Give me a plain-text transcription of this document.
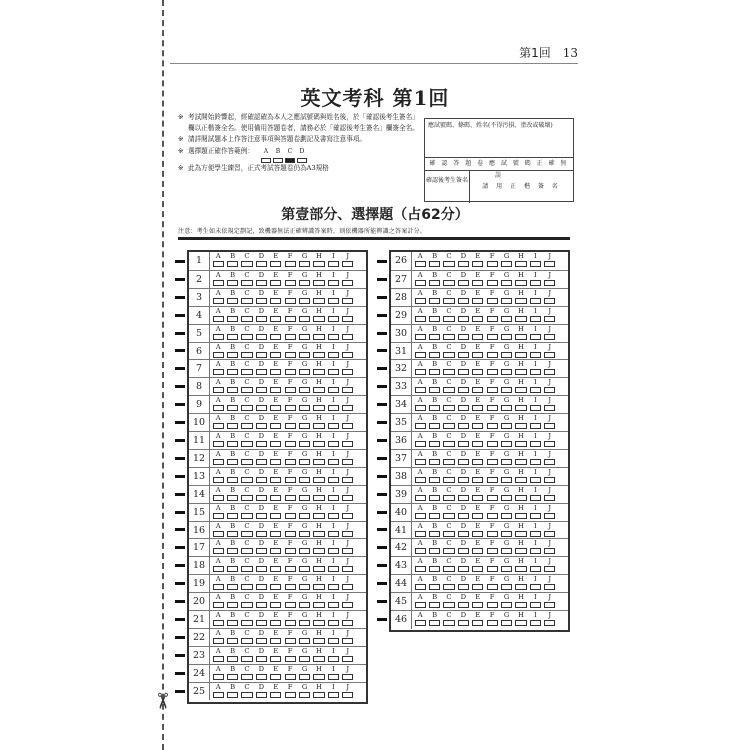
✂
第1回 13
英文考科 第1回
※ 考試開始鈴響起，經確認確為本人之應試號碼與姓名後，於「確認後考生簽名」欄以正楷簽全名。使用備用答題卷者，請務必於「確認後考生簽名」欄簽全名。
※ 請詳閱試題本上作答注意事項與答題卷劃記及書寫注意事項。
※ 選擇題正確作答範例： A B C D
※ 此為方便學生練習，正式考試答題卷仍為A3規格
應試號碼、條碼、姓名(不得污損、塗改或破壞)
確 認 答 題 卷 應 試 號 碼 正 確 無 誤
確認後考生簽名
請 用 正 楷 簽 名
第壹部分、選擇題（占62分）
注意：考生如未依規定劃記，致機器無法正確辨識答案時，則依機器所能辨識之答案計分。
1	A	B	C	D	E	F	G	H	I	J
2	A	B	C	D	E	F	G	H	I	J
3	A	B	C	D	E	F	G	H	I	J
4	A	B	C	D	E	F	G	H	I	J
5	A	B	C	D	E	F	G	H	I	J
6	A	B	C	D	E	F	G	H	I	J
7	A	B	C	D	E	F	G	H	I	J
8	A	B	C	D	E	F	G	H	I	J
9	A	B	C	D	E	F	G	H	I	J
10	A	B	C	D	E	F	G	H	I	J
11	A	B	C	D	E	F	G	H	I	J
12	A	B	C	D	E	F	G	H	I	J
13	A	B	C	D	E	F	G	H	I	J
14	A	B	C	D	E	F	G	H	I	J
15	A	B	C	D	E	F	G	H	I	J
16	A	B	C	D	E	F	G	H	I	J
17	A	B	C	D	E	F	G	H	I	J
18	A	B	C	D	E	F	G	H	I	J
19	A	B	C	D	E	F	G	H	I	J
20	A	B	C	D	E	F	G	H	I	J
21	A	B	C	D	E	F	G	H	I	J
22	A	B	C	D	E	F	G	H	I	J
23	A	B	C	D	E	F	G	H	I	J
24	A	B	C	D	E	F	G	H	I	J
25	A	B	C	D	E	F	G	H	I	J
26	A	B	C	D	E	F	G	H	I	J
27	A	B	C	D	E	F	G	H	I	J
28	A	B	C	D	E	F	G	H	I	J
29	A	B	C	D	E	F	G	H	I	J
30	A	B	C	D	E	F	G	H	I	J
31	A	B	C	D	E	F	G	H	I	J
32	A	B	C	D	E	F	G	H	I	J
33	A	B	C	D	E	F	G	H	I	J
34	A	B	C	D	E	F	G	H	I	J
35	A	B	C	D	E	F	G	H	I	J
36	A	B	C	D	E	F	G	H	I	J
37	A	B	C	D	E	F	G	H	I	J
38	A	B	C	D	E	F	G	H	I	J
39	A	B	C	D	E	F	G	H	I	J
40	A	B	C	D	E	F	G	H	I	J
41	A	B	C	D	E	F	G	H	I	J
42	A	B	C	D	E	F	G	H	I	J
43	A	B	C	D	E	F	G	H	I	J
44	A	B	C	D	E	F	G	H	I	J
45	A	B	C	D	E	F	G	H	I	J
46	A	B	C	D	E	F	G	H	I	J
